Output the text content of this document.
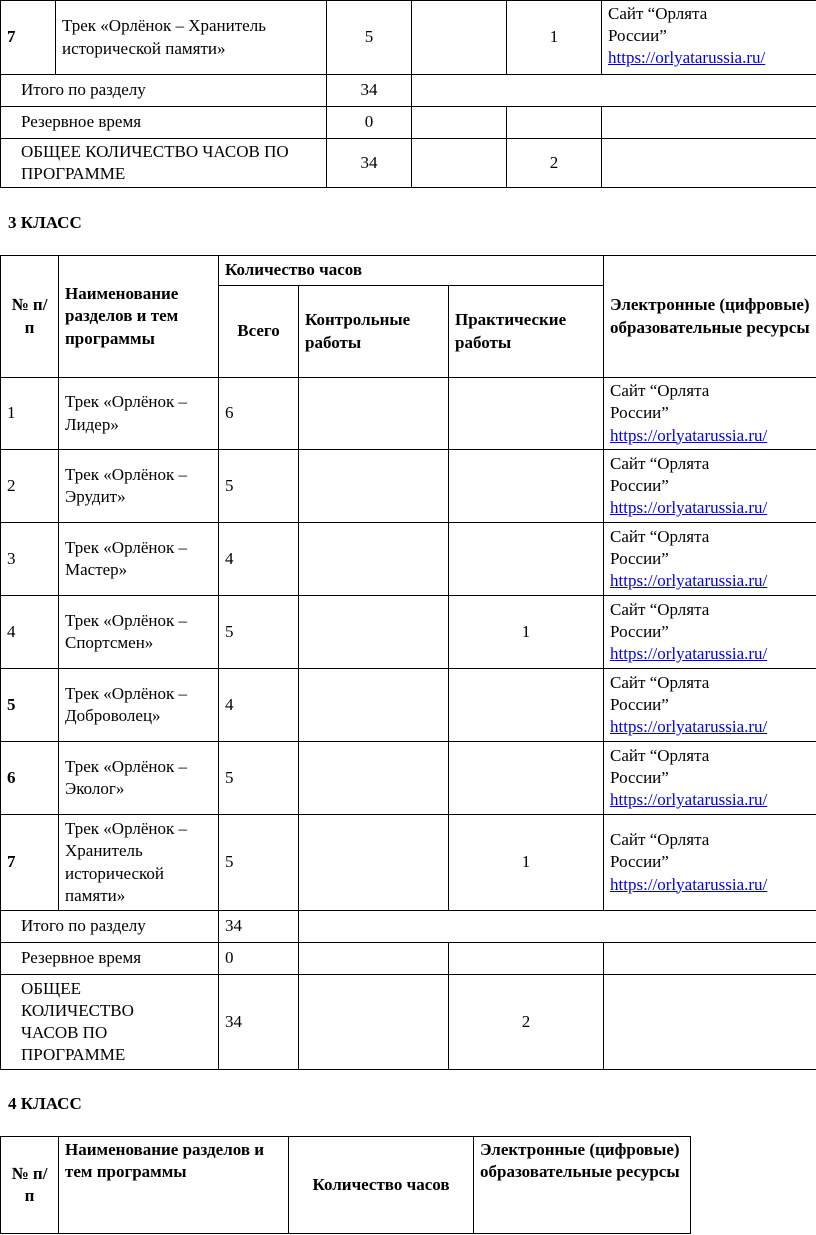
7	Трек «Орлёнок – Хранитель исторической памяти»	5		1	Сайт “Орлята
России”
https://orlyatarussia.ru/

Итого по разделу		34			
Резервное время		0			
ОБЩЕЕ КОЛИЧЕСТВО ЧАСОВ ПО ПРОГРАММЕ		34		2	
3 КЛАСС
№ п/п	Наименование разделов и тем программы	Количество часов			Электронные (цифровые) образовательные ресурсы
		Всего	Контрольные работы	Практические работы	
1	Трек «Орлёнок – Лидер»	6			Сайт “Орлята
России”
https://orlyatarussia.ru/

2	Трек «Орлёнок – Эрудит»	5			Сайт “Орлята
России”
https://orlyatarussia.ru/

3	Трек «Орлёнок – Мастер»	4			Сайт “Орлята
России”
https://orlyatarussia.ru/

4	Трек «Орлёнок – Спортсмен»	5		1	Сайт “Орлята
России”
https://orlyatarussia.ru/

5	Трек «Орлёнок – Доброволец»	4			Сайт “Орлята
России”
https://orlyatarussia.ru/

6	Трек «Орлёнок – Эколог»	5			Сайт “Орлята
России”
https://orlyatarussia.ru/

7	Трек «Орлёнок – Хранитель исторической памяти»	5		1	Сайт “Орлята
России”
https://orlyatarussia.ru/

Итого по разделу		34			
Резервное время		0			
ОБЩЕЕ КОЛИЧЕСТВО ЧАСОВ ПО ПРОГРАММЕ		34		2	
4 КЛАСС
№ п/п	Наименование разделов и тем программы	Количество часов	Электронные (цифровые) образовательные ресурсы
